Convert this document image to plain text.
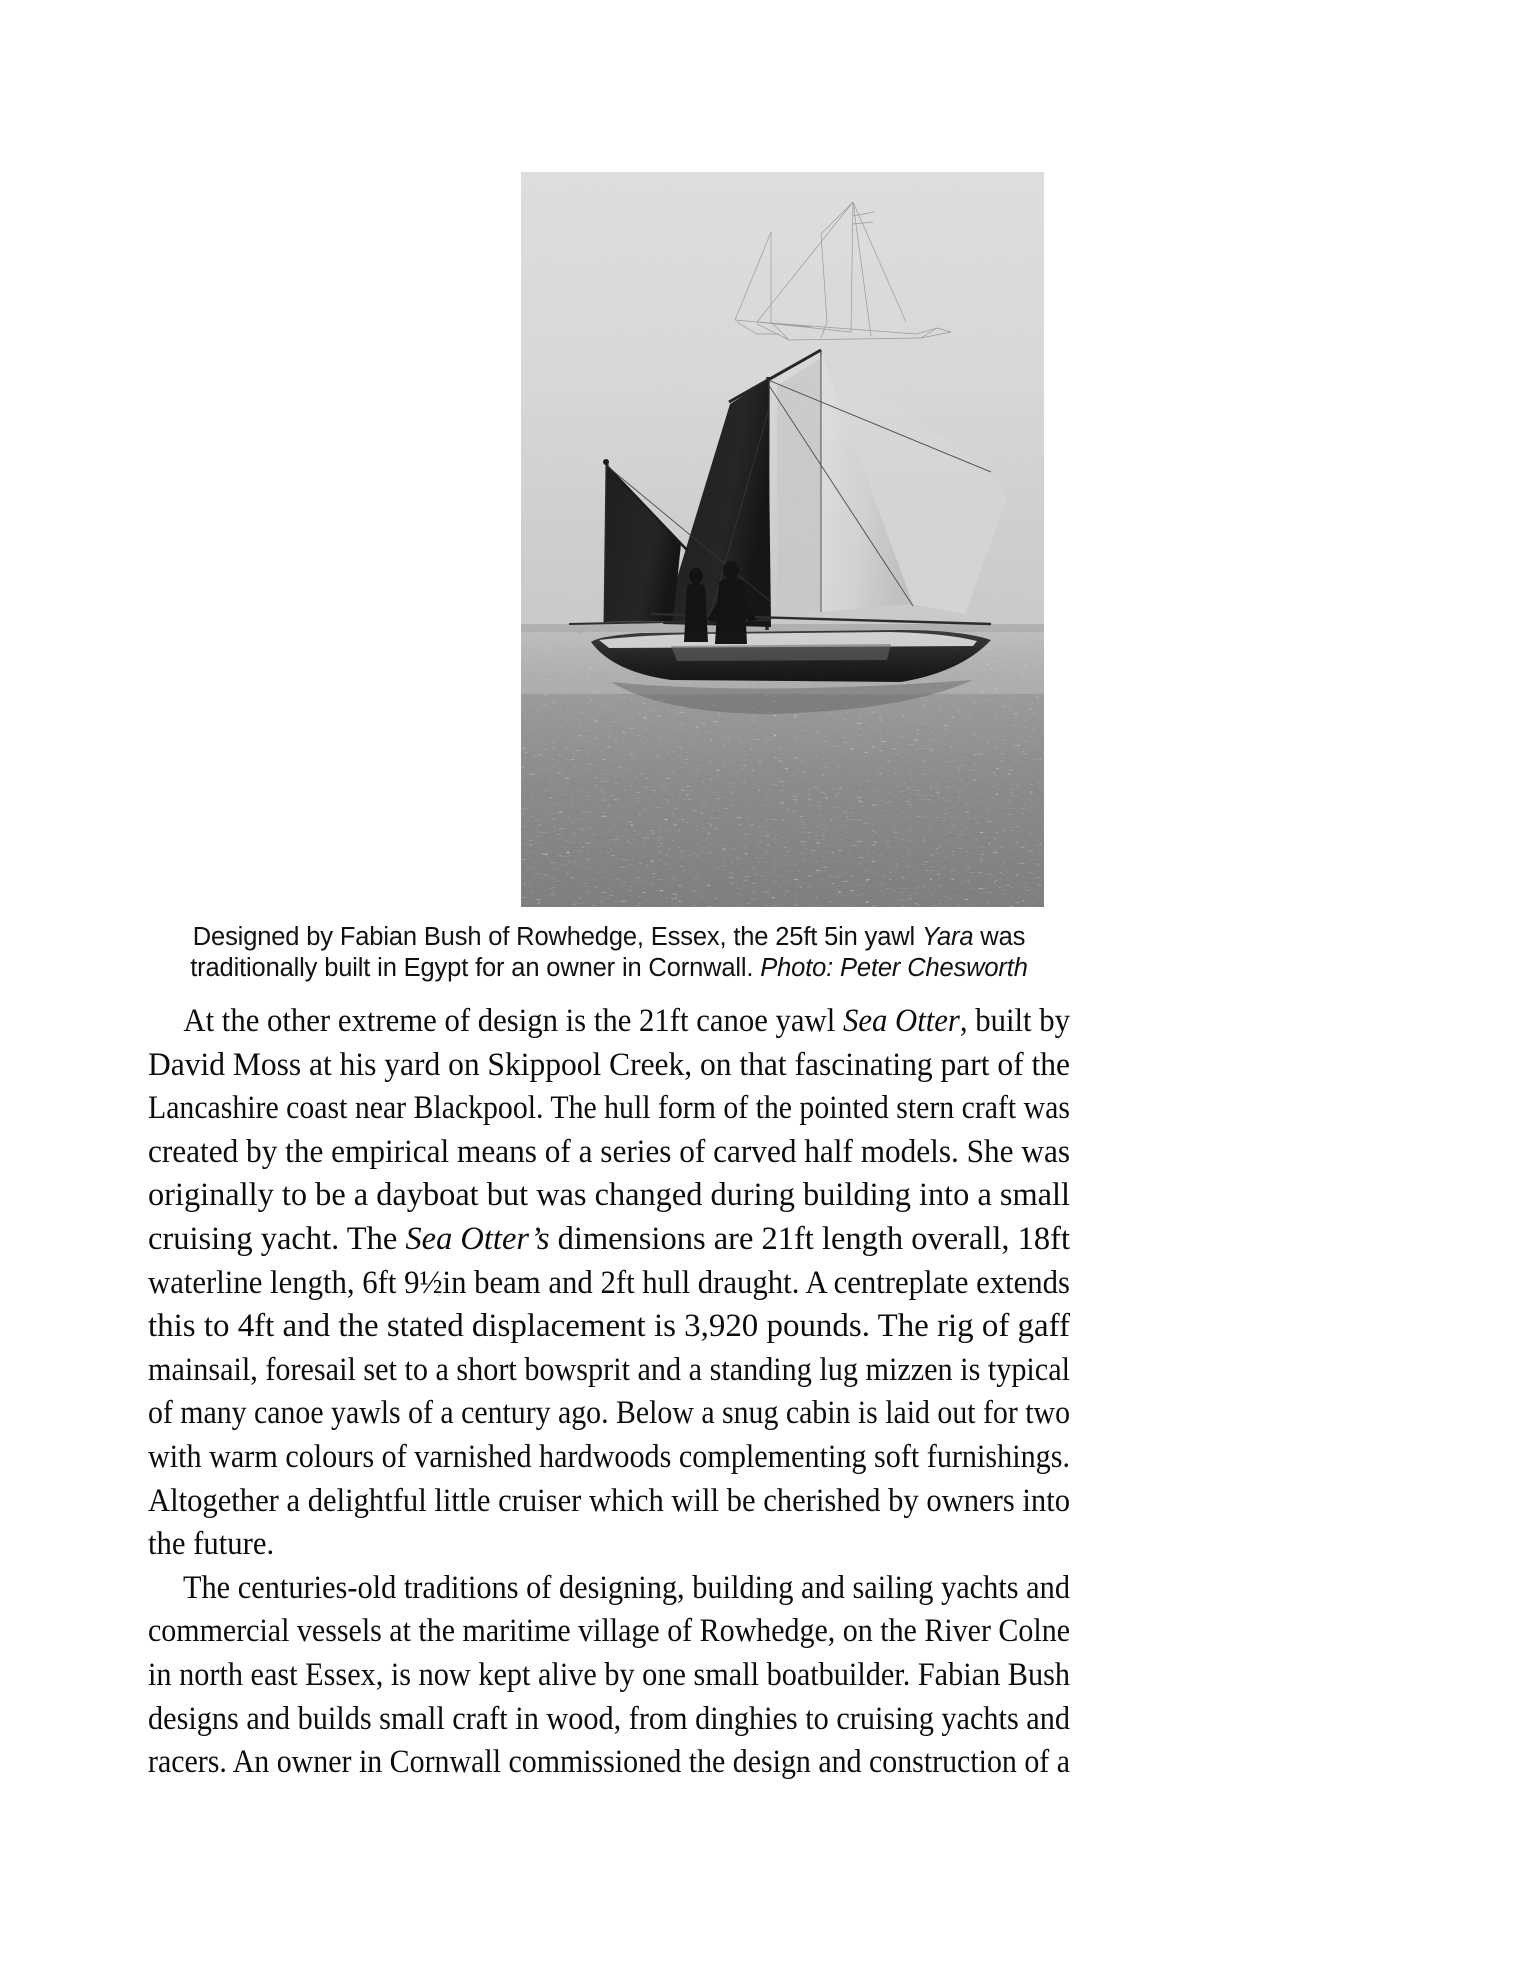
Designed by Fabian Bush of Rowhedge, Essex, the 25ft 5in yawl Yara was traditionally built in Egypt for an owner in Cornwall. Photo: Peter Chesworth
At the other extreme of design is the 21ft canoe yawl Sea Otter, built by
David Moss at his yard on Skippool Creek, on that fascinating part of the
Lancashire coast near Blackpool. The hull form of the pointed stern craft was
created by the empirical means of a series of carved half models. She was
originally to be a dayboat but was changed during building into a small
cruising yacht. The Sea Otter’s dimensions are 21ft length overall, 18ft
waterline length, 6ft 9½in beam and 2ft hull draught. A centreplate extends
this to 4ft and the stated displacement is 3,920 pounds. The rig of gaff
mainsail, foresail set to a short bowsprit and a standing lug mizzen is typical
of many canoe yawls of a century ago. Below a snug cabin is laid out for two
with warm colours of varnished hardwoods complementing soft furnishings.
Altogether a delightful little cruiser which will be cherished by owners into
the future.
The centuries-old traditions of designing, building and sailing yachts and
commercial vessels at the maritime village of Rowhedge, on the River Colne
in north east Essex, is now kept alive by one small boatbuilder. Fabian Bush
designs and builds small craft in wood, from dinghies to cruising yachts and
racers. An owner in Cornwall commissioned the design and construction of a
